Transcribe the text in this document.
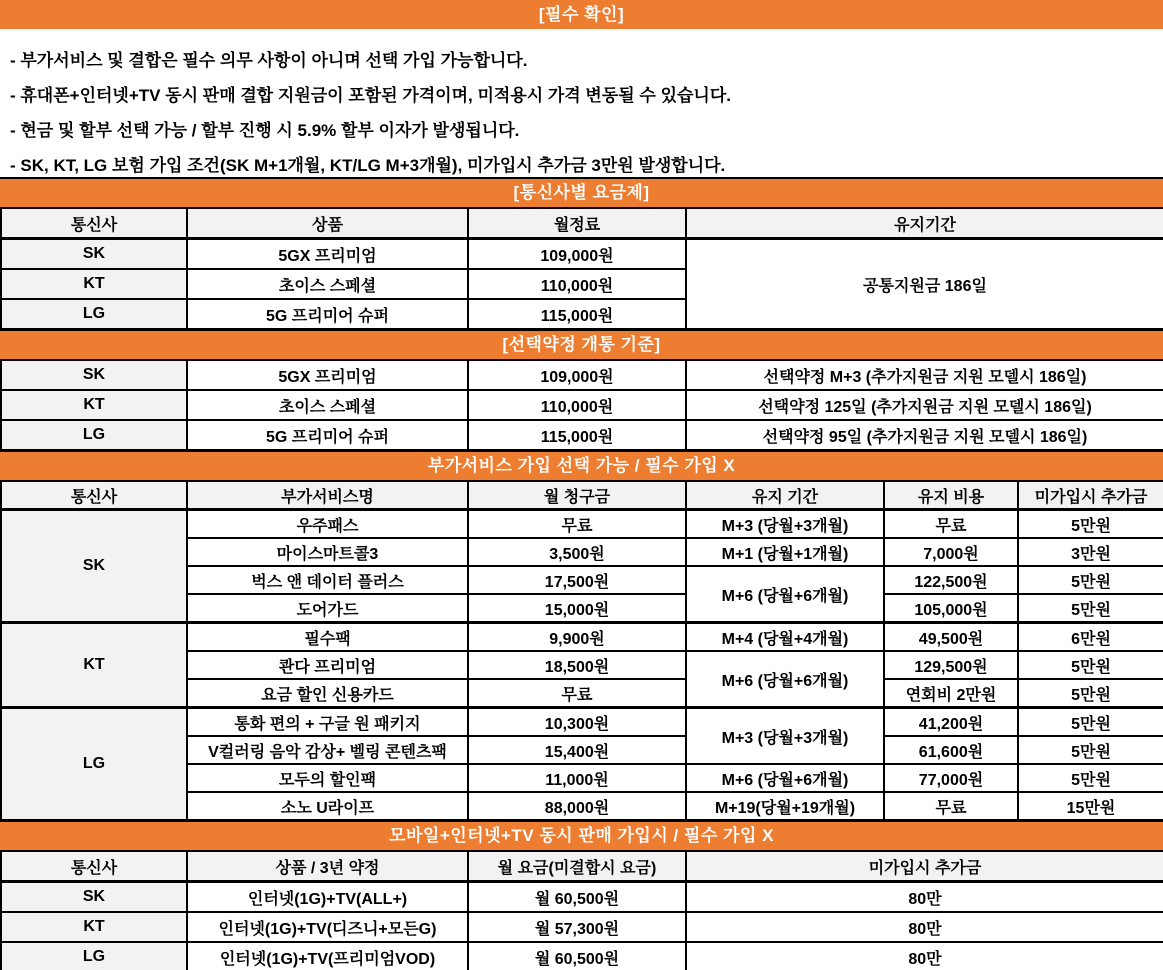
[필수 확인]
- 부가서비스 및 결합은 필수 의무 사항이 아니며 선택 가입 가능합니다.
- 휴대폰+인터넷+TV 동시 판매 결합 지원금이 포함된 가격이며, 미적용시 가격 변동될 수 있습니다.
- 현금 및 할부 선택 가능 / 할부 진행 시 5.9% 할부 이자가 발생됩니다.
- SK, KT, LG 보험 가입 조건(SK M+1개월, KT/LG M+3개월), 미가입시 추가금 3만원 발생합니다.
[통신사별 요금제]
통신사	상품	월정료	유지기간
SK	5GX 프리미엄	109,000원	공통지원금 186일
KT	초이스 스페셜	110,000원	
LG	5G 프리미어 슈퍼	115,000원	
[선택약정 개통 기준]
SK	5GX 프리미엄	109,000원	선택약정 M+3 (추가지원금 지원 모델시 186일)
KT	초이스 스페셜	110,000원	선택약정 125일 (추가지원금 지원 모델시 186일)
LG	5G 프리미어 슈퍼	115,000원	선택약정 95일 (추가지원금 지원 모델시 186일)
부가서비스 가입 선택 가능 / 필수 가입 X
통신사	부가서비스명	월 청구금	유지 기간	유지 비용	미가입시 추가금
SK	우주패스	무료	M+3 (당월+3개월)	무료	5만원
	마이스마트콜3	3,500원	M+1 (당월+1개월)	7,000원	3만원
	벅스 앤 데이터 플러스	17,500원	M+6 (당월+6개월)	122,500원	5만원
	도어가드	15,000원		105,000원	5만원
KT	필수팩	9,900원	M+4 (당월+4개월)	49,500원	6만원
	콴다 프리미엄	18,500원	M+6 (당월+6개월)	129,500원	5만원
	요금 할인 신용카드	무료		연회비 2만원	5만원
LG	통화 편의 + 구글 원 패키지	10,300원	M+3 (당월+3개월)	41,200원	5만원
	V컬러링 음악 감상+ 벨링 콘텐츠팩	15,400원		61,600원	5만원
	모두의 할인팩	11,000원	M+6 (당월+6개월)	77,000원	5만원
	소노 U라이프	88,000원	M+19(당월+19개월)	무료	15만원
모바일+인터넷+TV 동시 판매 가입시 / 필수 가입 X
통신사	상품 / 3년 약정	월 요금(미결합시 요금)	미가입시 추가금
SK	인터넷(1G)+TV(ALL+)	월 60,500원	80만
KT	인터넷(1G)+TV(디즈니+모든G)	월 57,300원	80만
LG	인터넷(1G)+TV(프리미엄VOD)	월 60,500원	80만
